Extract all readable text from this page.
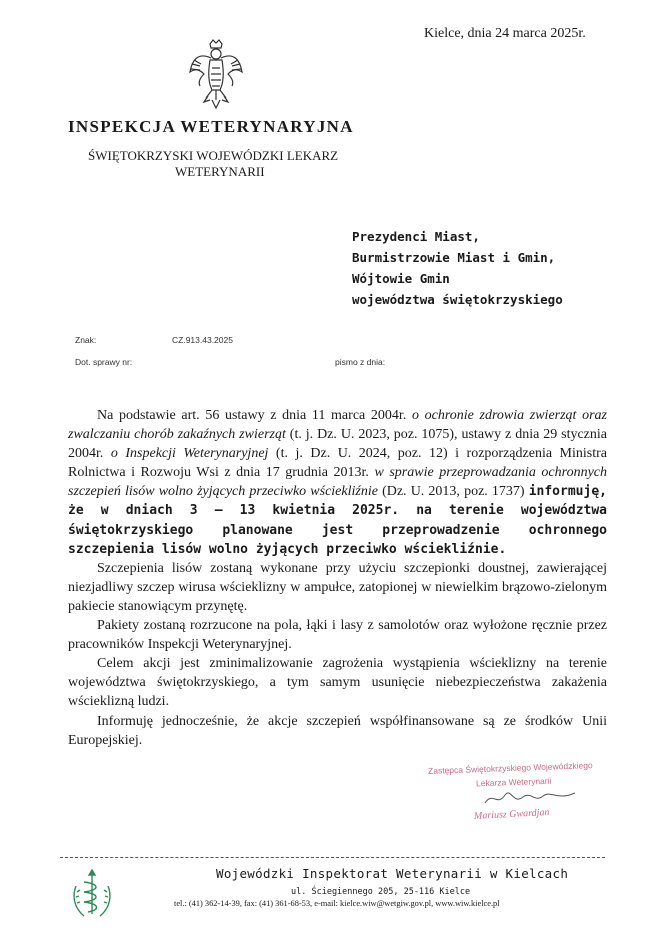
Kielce, dnia 24 marca 2025r.
INSPEKCJA WETERYNARYJNA
ŚWIĘTOKRZYSKI WOJEWÓDZKI LEKARZ
WETERYNARII
Prezydenci Miast,
Burmistrzowie Miast i Gmin,
Wójtowie Gmin
województwa świętokrzyskiego
Znak:	CZ.913.43.2025
Dot. sprawy nr:	pismo z dnia:

Na podstawie art. 56 ustawy z dnia 11 marca 2004r. o ochronie zdrowia zwierząt oraz zwalczaniu chorób zakaźnych zwierząt (t. j. Dz. U. 2023, poz. 1075), ustawy z dnia 29 stycznia 2004r. o Inspekcji Weterynaryjnej (t. j. Dz. U. 2024, poz. 12) i rozporządzenia Ministra Rolnictwa i Rozwoju Wsi z dnia 17 grudnia 2013r. w sprawie przeprowadzania ochronnych szczepień lisów wolno żyjących przeciwko wściekliźnie (Dz. U. 2013, poz. 1737) informuję, że w dniach 3 – 13 kwietnia 2025r. na terenie województwa świętokrzyskiego planowane jest przeprowadzenie ochronnego szczepienia lisów wolno żyjących przeciwko wściekliźnie.

Szczepienia lisów zostaną wykonane przy użyciu szczepionki doustnej, zawierającej niezjadliwy szczep wirusa wścieklizny w ampułce, zatopionej w niewielkim brązowo-zielonym pakiecie stanowiącym przynętę.

Pakiety zostaną rozrzucone na pola, łąki i lasy z samolotów oraz wyłożone ręcznie przez pracowników Inspekcji Weterynaryjnej.

Celem akcji jest zminimalizowanie zagrożenia wystąpienia wścieklizny na terenie województwa świętokrzyskiego, a tym samym usunięcie niebezpieczeństwa zakażenia wścieklizną ludzi.

Informuję jednocześnie, że akcje szczepień współfinansowane są ze środków Unii Europejskiej.

Zastępca Świętokrzyskiego Wojewódzkiego
Lekarza Weterynarii
Mariusz Gwardjan
Wojewódzki Inspektorat Weterynarii w Kielcach
ul. Ściegiennego 205, 25-116 Kielce
tel.: (41) 362-14-39, fax: (41) 361-68-53, e-mail: kielce.wiw@wetgiw.gov.pl, www.wiw.kielce.pl
